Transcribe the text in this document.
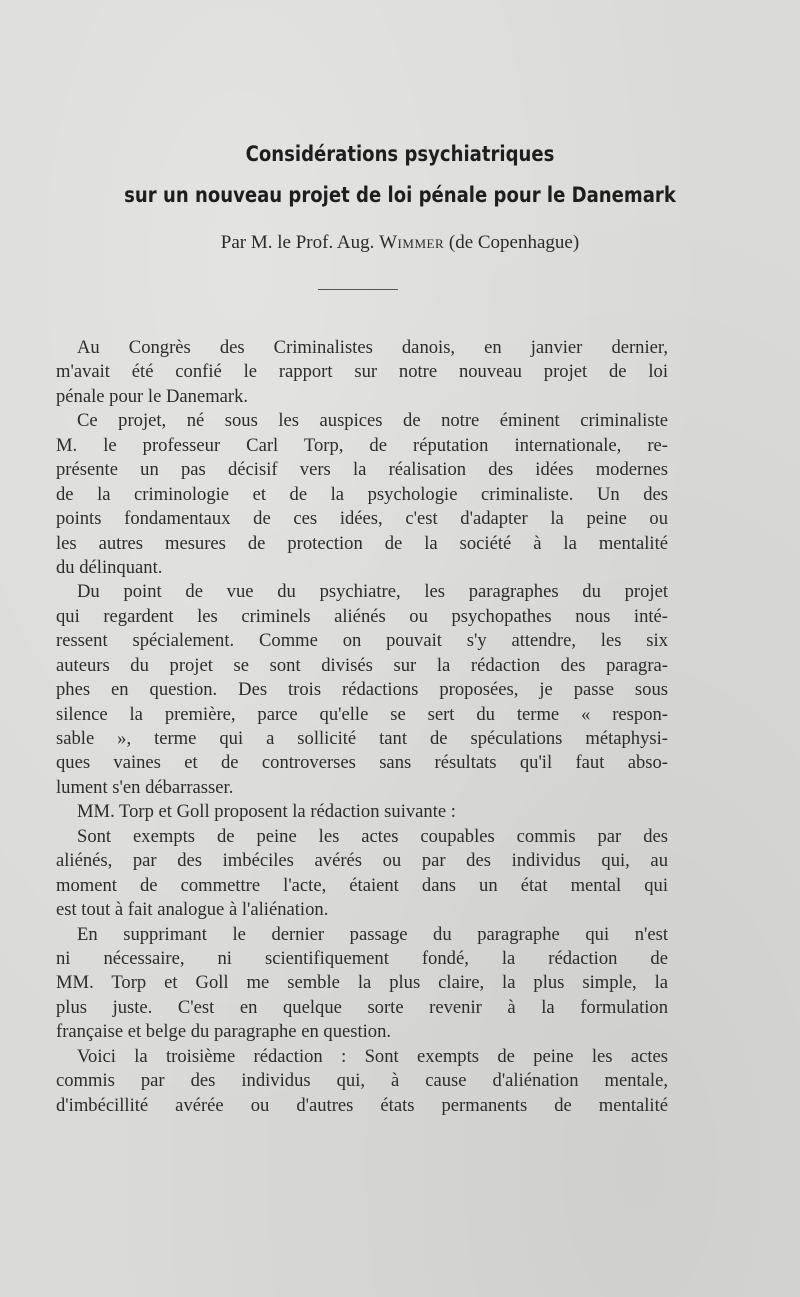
Considérations psychiatriques
sur un nouveau projet de loi pénale pour le Danemark
Par M. le Prof. Aug. Wimmer (de Copenhague)
Au Congrès des Criminalistes danois, en janvier dernier,
m'avait été confié le rapport sur notre nouveau projet de loi
pénale pour le Danemark.
Ce projet, né sous les auspices de notre éminent criminaliste
M. le professeur Carl Torp, de réputation internationale, re-
présente un pas décisif vers la réalisation des idées modernes
de la criminologie et de la psychologie criminaliste. Un des
points fondamentaux de ces idées, c'est d'adapter la peine ou
les autres mesures de protection de la société à la mentalité
du délinquant.
Du point de vue du psychiatre, les paragraphes du projet
qui regardent les criminels aliénés ou psychopathes nous inté-
ressent spécialement. Comme on pouvait s'y attendre, les six
auteurs du projet se sont divisés sur la rédaction des paragra-
phes en question. Des trois rédactions proposées, je passe sous
silence la première, parce qu'elle se sert du terme « respon-
sable », terme qui a sollicité tant de spéculations métaphysi-
ques vaines et de controverses sans résultats qu'il faut abso-
lument s'en débarrasser.
MM. Torp et Goll proposent la rédaction suivante :
Sont exempts de peine les actes coupables commis par des
aliénés, par des imbéciles avérés ou par des individus qui, au
moment de commettre l'acte, étaient dans un état mental qui
est tout à fait analogue à l'aliénation.
En supprimant le dernier passage du paragraphe qui n'est
ni nécessaire, ni scientifiquement fondé, la rédaction de
MM. Torp et Goll me semble la plus claire, la plus simple, la
plus juste. C'est en quelque sorte revenir à la formulation
française et belge du paragraphe en question.
Voici la troisième rédaction : Sont exempts de peine les actes
commis par des individus qui, à cause d'aliénation mentale,
d'imbécillité avérée ou d'autres états permanents de mentalité
